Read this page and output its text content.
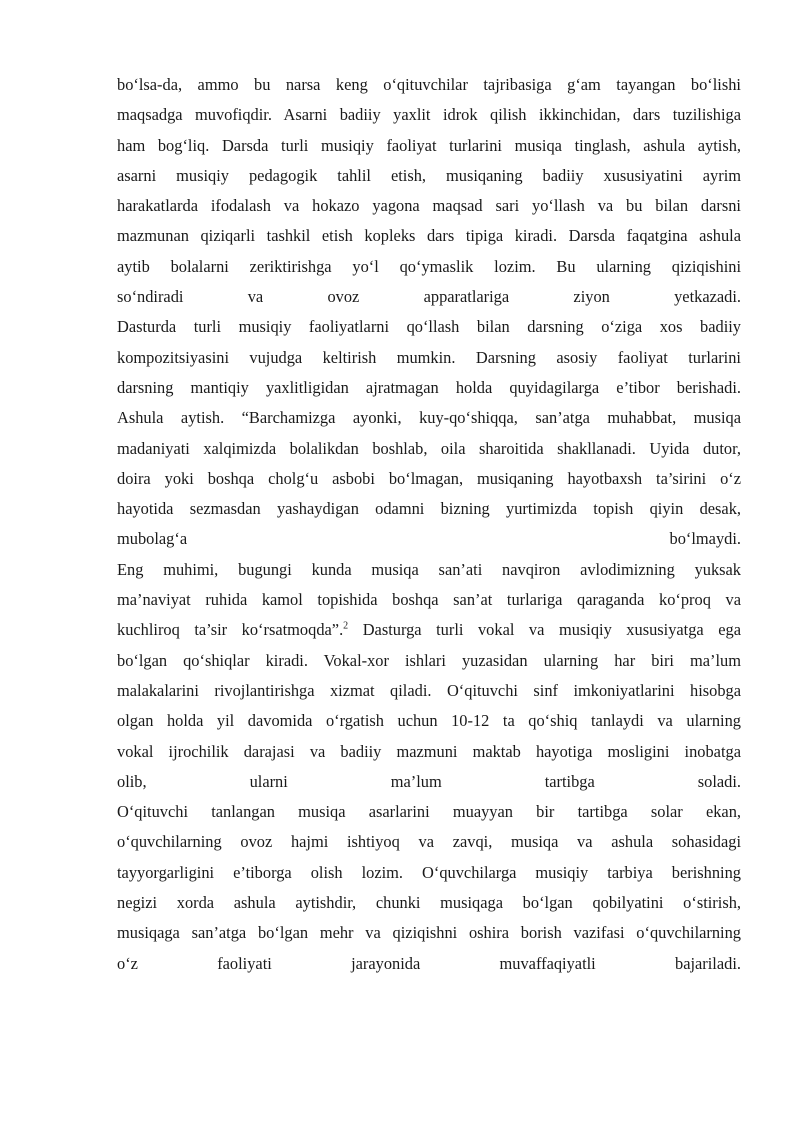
bo‘lsa-da, ammo bu narsa keng o‘qituvchilar tajribasiga g‘am tayangan bo‘lishi
maqsadga muvofiqdir. Asarni badiiy yaxlit idrok qilish ikkinchidan, dars tuzilishiga
ham bog‘liq. Darsda turli musiqiy faoliyat turlarini musiqa tinglash, ashula aytish,
asarni musiqiy pedagogik tahlil etish, musiqaning badiiy xususiyatini ayrim
harakatlarda ifodalash va hokazo yagona maqsad sari yo‘llash va bu bilan darsni
mazmunan qiziqarli tashkil etish kopleks dars tipiga kiradi. Darsda faqatgina ashula
aytib bolalarni zeriktirishga yo‘l qo‘ymaslik lozim. Bu ularning qiziqishini
so‘ndiradi va ovoz apparatlariga ziyon yetkazadi.
Dasturda turli musiqiy faoliyatlarni qo‘llash bilan darsning o‘ziga xos badiiy
kompozitsiyasini vujudga keltirish mumkin. Darsning asosiy faoliyat turlarini
darsning mantiqiy yaxlitligidan ajratmagan holda quyidagilarga e’tibor berishadi.
Ashula aytish. “Barchamizga ayonki, kuy-qo‘shiqqa, san’atga muhabbat, musiqa
madaniyati xalqimizda bolalikdan boshlab, oila sharoitida shakllanadi. Uyida dutor,
doira yoki boshqa cholg‘u asbobi bo‘lmagan, musiqaning hayotbaxsh ta’sirini o‘z
hayotida sezmasdan yashaydigan odamni bizning yurtimizda topish qiyin desak,
mubolag‘a bo‘lmaydi.
Eng muhimi, bugungi kunda musiqa san’ati navqiron avlodimizning yuksak
ma’naviyat ruhida kamol topishida boshqa san’at turlariga qaraganda ko‘proq va
kuchliroq ta’sir ko‘rsatmoqda”.$^2$ Dasturga turli vokal va musiqiy xususiyatga ega
bo‘lgan qo‘shiqlar kiradi. Vokal-xor ishlari yuzasidan ularning har biri ma’lum
malakalarini rivojlantirishga xizmat qiladi. O‘qituvchi sinf imkoniyatlarini hisobga
olgan holda yil davomida o‘rgatish uchun 10-12 ta qo‘shiq tanlaydi va ularning
vokal ijrochilik darajasi va badiiy mazmuni maktab hayotiga mosligini inobatga
olib, ularni ma’lum tartibga soladi.
O‘qituvchi tanlangan musiqa asarlarini muayyan bir tartibga solar ekan,
o‘quvchilarning ovoz hajmi ishtiyoq va zavqi, musiqa va ashula sohasidagi
tayyorgarligini e’tiborga olish lozim. O‘quvchilarga musiqiy tarbiya berishning
negizi xorda ashula aytishdir, chunki musiqaga bo‘lgan qobilyatini o‘stirish,
musiqaga san’atga bo‘lgan mehr va qiziqishni oshira borish vazifasi o‘quvchilarning
o‘z faoliyati jarayonida muvaffaqiyatli bajariladi.
